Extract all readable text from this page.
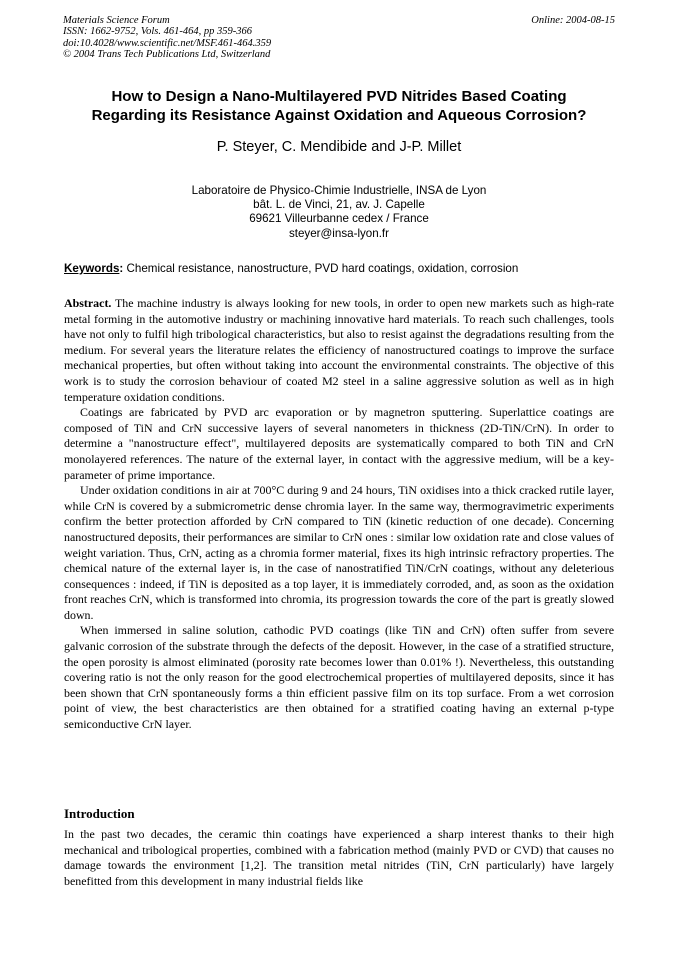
Materials Science Forum
ISSN: 1662-9752, Vols. 461-464, pp 359-366
doi:10.4028/www.scientific.net/MSF.461-464.359
© 2004 Trans Tech Publications Ltd, Switzerland
Online: 2004-08-15
How to Design a Nano-Multilayered PVD Nitrides Based Coating
Regarding its Resistance Against Oxidation and Aqueous Corrosion?
P. Steyer, C. Mendibide and J-P. Millet
Laboratoire de Physico-Chimie Industrielle, INSA de Lyon
bât. L. de Vinci, 21, av. J. Capelle
69621 Villeurbanne cedex / France
steyer@insa-lyon.fr
Keywords: Chemical resistance, nanostructure, PVD hard coatings, oxidation, corrosion

Abstract. The machine industry is always looking for new tools, in order to open new markets such as high-rate metal forming in the automotive industry or machining innovative hard materials. To reach such challenges, tools have not only to fulfil high tribological characteristics, but also to resist against the degradations resulting from the medium. For several years the literature relates the efficiency of nanostructured coatings to improve the surface mechanical properties, but often without taking into account the environmental constraints. The objective of this work is to study the corrosion behaviour of coated M2 steel in a saline aggressive solution as well as in high temperature oxidation conditions.

Coatings are fabricated by PVD arc evaporation or by magnetron sputtering. Superlattice coatings are composed of TiN and CrN successive layers of several nanometers in thickness (2D-TiN/CrN). In order to determine a "nanostructure effect", multilayered deposits are systematically compared to both TiN and CrN monolayered references. The nature of the external layer, in contact with the aggressive medium, will be a key-parameter of prime importance.

Under oxidation conditions in air at 700°C during 9 and 24 hours, TiN oxidises into a thick cracked rutile layer, while CrN is covered by a submicrometric dense chromia layer. In the same way, thermogravimetric experiments confirm the better protection afforded by CrN compared to TiN (kinetic reduction of one decade). Concerning nanostructured deposits, their performances are similar to CrN ones : similar low oxidation rate and close values of weight variation. Thus, CrN, acting as a chromia former material, fixes its high intrinsic refractory properties. The chemical nature of the external layer is, in the case of nanostratified TiN/CrN coatings, without any deleterious consequences : indeed, if TiN is deposited as a top layer, it is immediately corroded, and, as soon as the oxidation front reaches CrN, which is transformed into chromia, its progression towards the core of the part is greatly slowed down.

When immersed in saline solution, cathodic PVD coatings (like TiN and CrN) often suffer from severe galvanic corrosion of the substrate through the defects of the deposit. However, in the case of a stratified structure, the open porosity is almost eliminated (porosity rate becomes lower than 0.01% !). Nevertheless, this outstanding covering ratio is not the only reason for the good electrochemical properties of multilayered deposits, since it has been shown that CrN spontaneously forms a thin efficient passive film on its top surface. From a wet corrosion point of view, the best characteristics are then obtained for a stratified coating having an external p-type semiconductive CrN layer.

Introduction

In the past two decades, the ceramic thin coatings have experienced a sharp interest thanks to their high mechanical and tribological properties, combined with a fabrication method (mainly PVD or CVD) that causes no damage towards the environment [1,2]. The transition metal nitrides (TiN, CrN particularly) have largely benefitted from this development in many industrial fields like
